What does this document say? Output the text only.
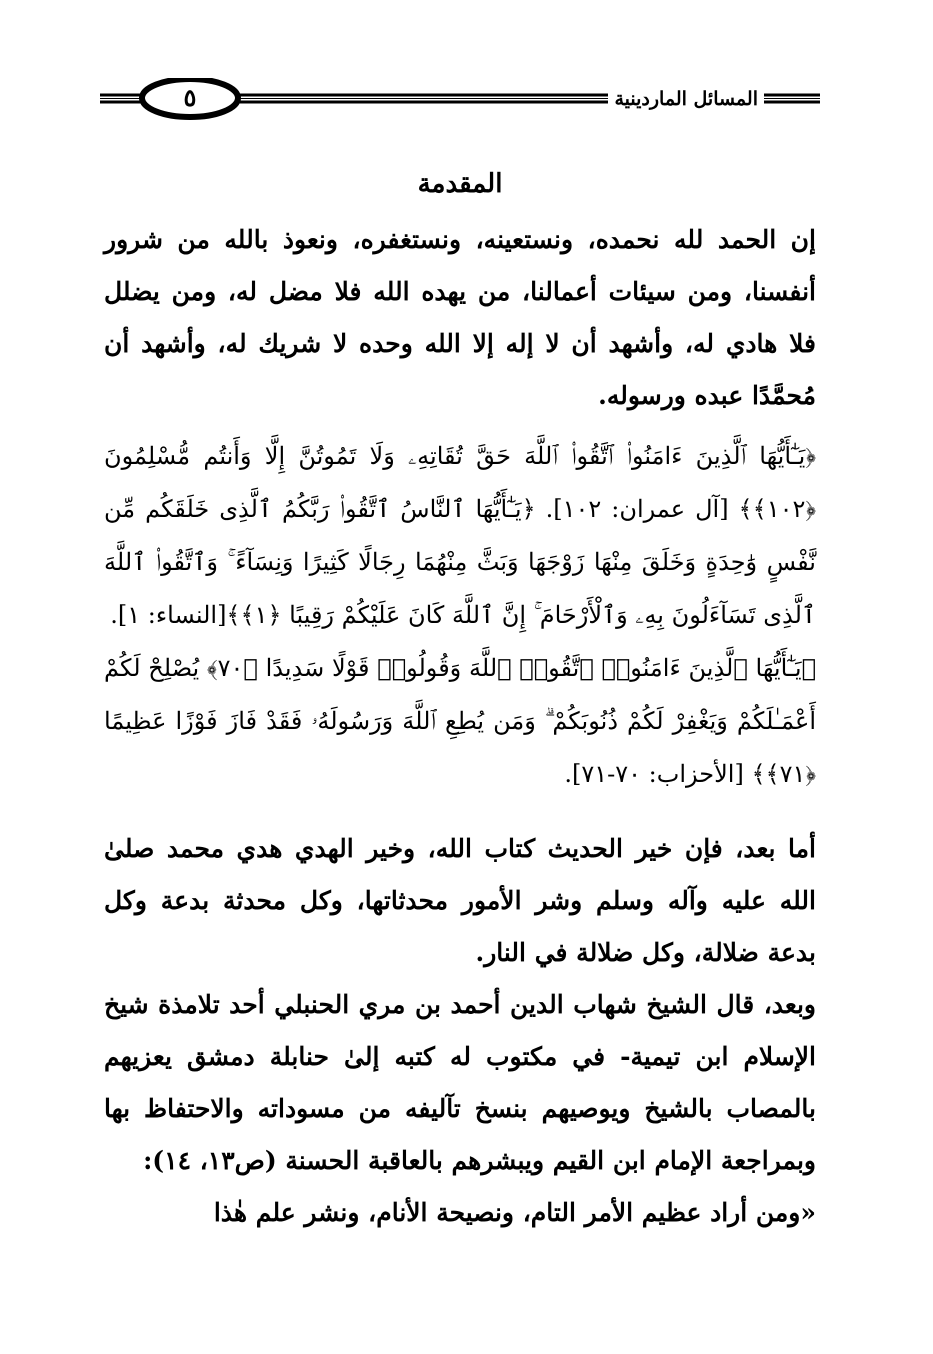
٥	المسائل الماردينية
المقدمة

إن الحمد لله نحمده، ونستعينه، ونستغفره، ونعوذ بالله من شرور أنفسنا، ومن سيئات أعمالنا، من يهده الله فلا مضل له، ومن يضلل فلا هادي له، وأشهد أن لا إله إلا الله وحده لا شريك له، وأشهد أن مُحمَّدًا عبده ورسوله.

﴿يَـٰٓأَيُّهَا ٱلَّذِينَ ءَامَنُوا۟ ٱتَّقُوا۟ ٱللَّهَ حَقَّ تُقَاتِهِۦ وَلَا تَمُوتُنَّ إِلَّا وَأَنتُم مُّسْلِمُونَ ﴿١٠٢﴾﴾ [آل عمران: ١٠٢]. ﴿يَـٰٓأَيُّهَا ٱلنَّاسُ ٱتَّقُوا۟ رَبَّكُمُ ٱلَّذِى خَلَقَكُم مِّن نَّفْسٍ وَٰحِدَةٍ وَخَلَقَ مِنْهَا زَوْجَهَا وَبَثَّ مِنْهُمَا رِجَالًا كَثِيرًا وَنِسَآءً ۚ وَٱتَّقُوا۟ ٱللَّهَ ٱلَّذِى تَسَآءَلُونَ بِهِۦ وَٱلْأَرْحَامَ ۚ إِنَّ ٱللَّهَ كَانَ عَلَيْكُمْ رَقِيبًا ﴿١﴾﴾[النساء: ١].

﴿يَـٰٓأَيُّهَا ٱلَّذِينَ ءَامَنُوا۟ ٱتَّقُوا۟ ٱللَّهَ وَقُولُوا۟ قَوْلًا سَدِيدًا ﴿٧٠﴾ يُصْلِحْ لَكُمْ أَعْمَـٰلَكُمْ وَيَغْفِرْ لَكُمْ ذُنُوبَكُمْ ۗ وَمَن يُطِعِ ٱللَّهَ وَرَسُولَهُۥ فَقَدْ فَازَ فَوْزًا عَظِيمًا ﴿٧١﴾﴾ [الأحزاب: ٧٠-٧١].

أما بعد، فإن خير الحديث كتاب الله، وخير الهدي هدي محمد صلىٰ الله عليه وآله وسلم وشر الأمور محدثاتها، وكل محدثة بدعة وكل بدعة ضلالة، وكل ضلالة في النار.

وبعد، قال الشيخ شهاب الدين أحمد بن مري الحنبلي أحد تلامذة شيخ الإسلام ابن تيمية- في مكتوب له كتبه إلىٰ حنابلة دمشق يعزيهم بالمصاب بالشيخ ويوصيهم بنسخ تآليفه من مسوداته والاحتفاظ بها وبمراجعة الإمام ابن القيم ويبشرهم بالعاقبة الحسنة (ص١٣، ١٤):

«ومن أراد عظيم الأمر التام، ونصيحة الأنام، ونشر علم هٰذا
